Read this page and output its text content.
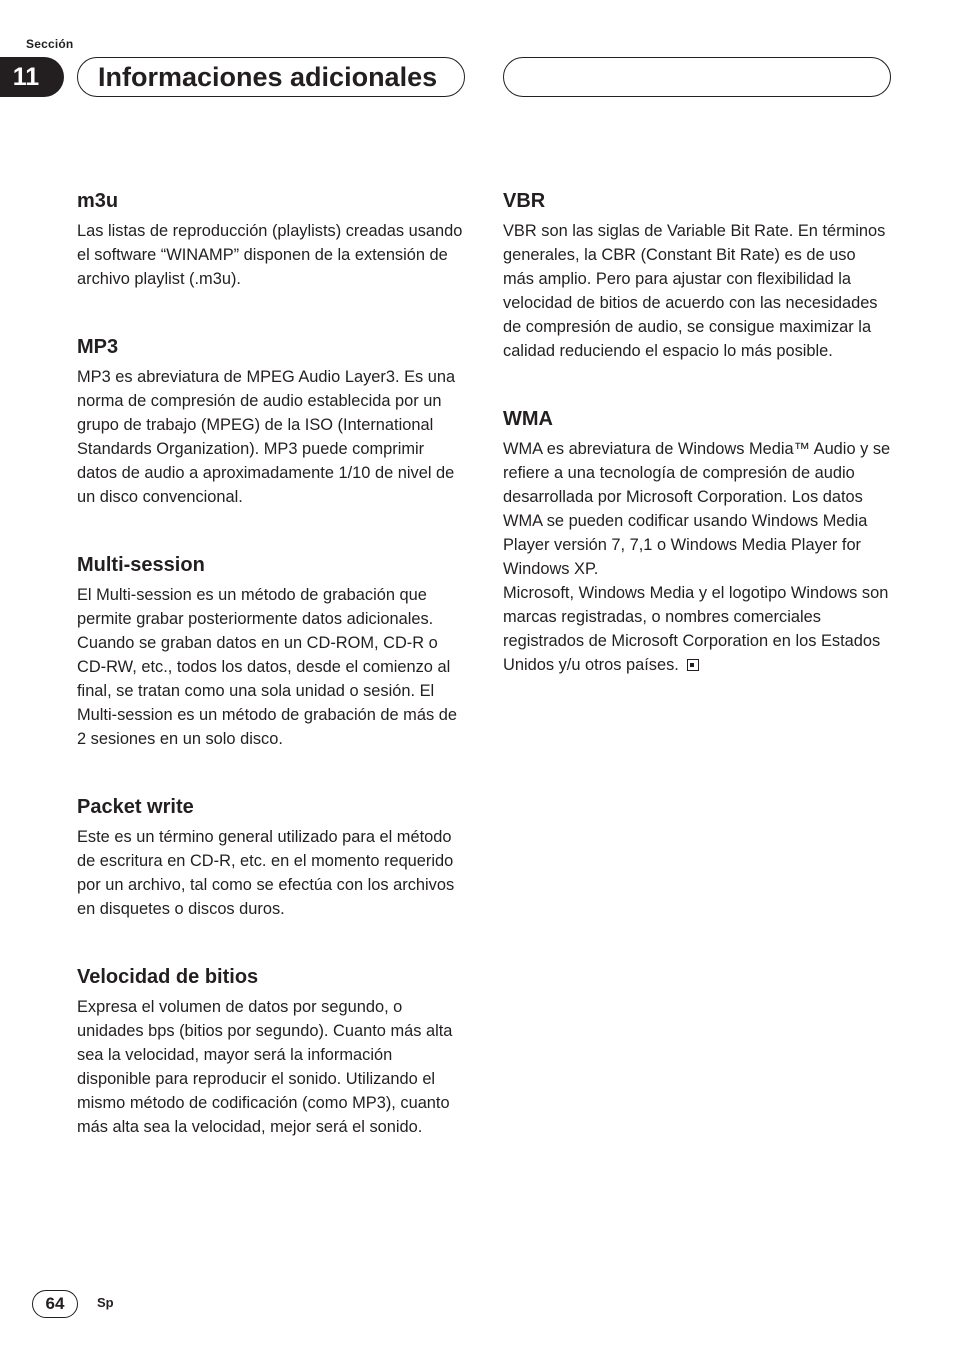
Sección
11	Informaciones adicionales
m3u

Las listas de reproducción (playlists) creadas usando el software “WINAMP” disponen de la extensión de archivo playlist (.m3u).

MP3

MP3 es abreviatura de MPEG Audio Layer3. Es una norma de compresión de audio establecida por un grupo de trabajo (MPEG) de la ISO (International Standards Organization). MP3 puede comprimir datos de audio a aproximadamente 1/10 de nivel de un disco convencional.

Multi-session

El Multi-session es un método de grabación que permite grabar posteriormente datos adicionales. Cuando se graban datos en un CD-ROM, CD-R o CD-RW, etc., todos los datos, desde el comienzo al final, se tratan como una sola unidad o sesión. El Multi-session es un método de grabación de más de 2 sesiones en un solo disco.

Packet write

Este es un término general utilizado para el método de escritura en CD-R, etc. en el momento requerido por un archivo, tal como se efectúa con los archivos en disquetes o discos duros.

Velocidad de bitios

Expresa el volumen de datos por segundo, o unidades bps (bitios por segundo). Cuanto más alta sea la velocidad, mayor será la información disponible para reproducir el sonido. Utilizando el mismo método de codificación (como MP3), cuanto más alta sea la velocidad, mejor será el sonido.

VBR

VBR son las siglas de Variable Bit Rate. En términos generales, la CBR (Constant Bit Rate) es de uso más amplio. Pero para ajustar con flexibilidad la velocidad de bitios de acuerdo con las necesidades de compresión de audio, se consigue maximizar la calidad reduciendo el espacio lo más posible.

WMA

WMA es abreviatura de Windows Media™ Audio y se refiere a una tecnología de compresión de audio desarrollada por Microsoft Corporation. Los datos WMA se pueden codificar usando Windows Media Player versión 7, 7,1 o Windows Media Player for Windows XP.

Microsoft, Windows Media y el logotipo Windows son marcas registradas, o nombres comerciales registrados de Microsoft Corporation en los Estados Unidos y/u otros países.

64	Sp
